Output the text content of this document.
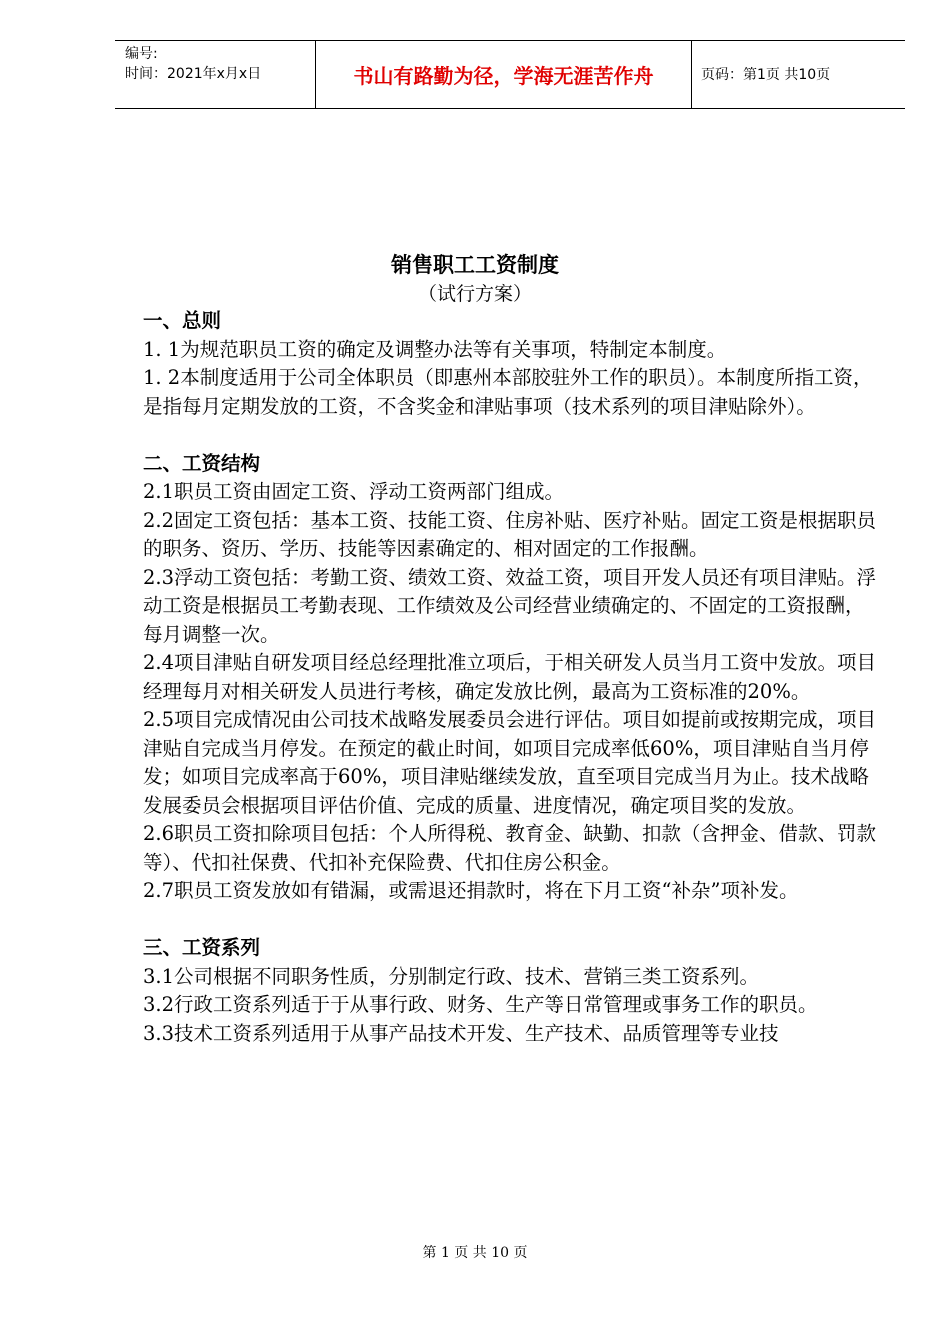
编号:
时间：2021年x月x日	书山有路勤为径，学海无涯苦作舟	页码：第1页 共10页
销售职工工资制度
（试行方案）
一、总则

1. 1为规范职员工资的确定及调整办法等有关事项，特制定本制度。

1. 2本制度适用于公司全体职员（即惠州本部胶驻外工作的职员）。本制度所指工资，是指每月定期发放的工资，不含奖金和津贴事项（技术系列的项目津贴除外）。

二、工资结构

2.1职员工资由固定工资、浮动工资两部门组成。

2.2固定工资包括：基本工资、技能工资、住房补贴、医疗补贴。固定工资是根据职员的职务、资历、学历、技能等因素确定的、相对固定的工作报酬。

2.3浮动工资包括：考勤工资、绩效工资、效益工资，项目开发人员还有项目津贴。浮动工资是根据员工考勤表现、工作绩效及公司经营业绩确定的、不固定的工资报酬，每月调整一次。

2.4项目津贴自研发项目经总经理批准立项后，于相关研发人员当月工资中发放。项目经理每月对相关研发人员进行考核，确定发放比例，最高为工资标准的20%。

2.5项目完成情况由公司技术战略发展委员会进行评估。项目如提前或按期完成，项目津贴自完成当月停发。在预定的截止时间，如项目完成率低60%，项目津贴自当月停发；如项目完成率高于60%，项目津贴继续发放，直至项目完成当月为止。技术战略发展委员会根据项目评估价值、完成的质量、进度情况，确定项目奖的发放。

2.6职员工资扣除项目包括：个人所得税、教育金、缺勤、扣款（含押金、借款、罚款等）、代扣社保费、代扣补充保险费、代扣住房公积金。

2.7职员工资发放如有错漏，或需退还捐款时，将在下月工资“补杂”项补发。

三、工资系列

3.1公司根据不同职务性质，分别制定行政、技术、营销三类工资系列。

3.2行政工资系列适于于从事行政、财务、生产等日常管理或事务工作的职员。

3.3技术工资系列适用于从事产品技术开发、生产技术、品质管理等专业技

第 1 页 共 10 页
